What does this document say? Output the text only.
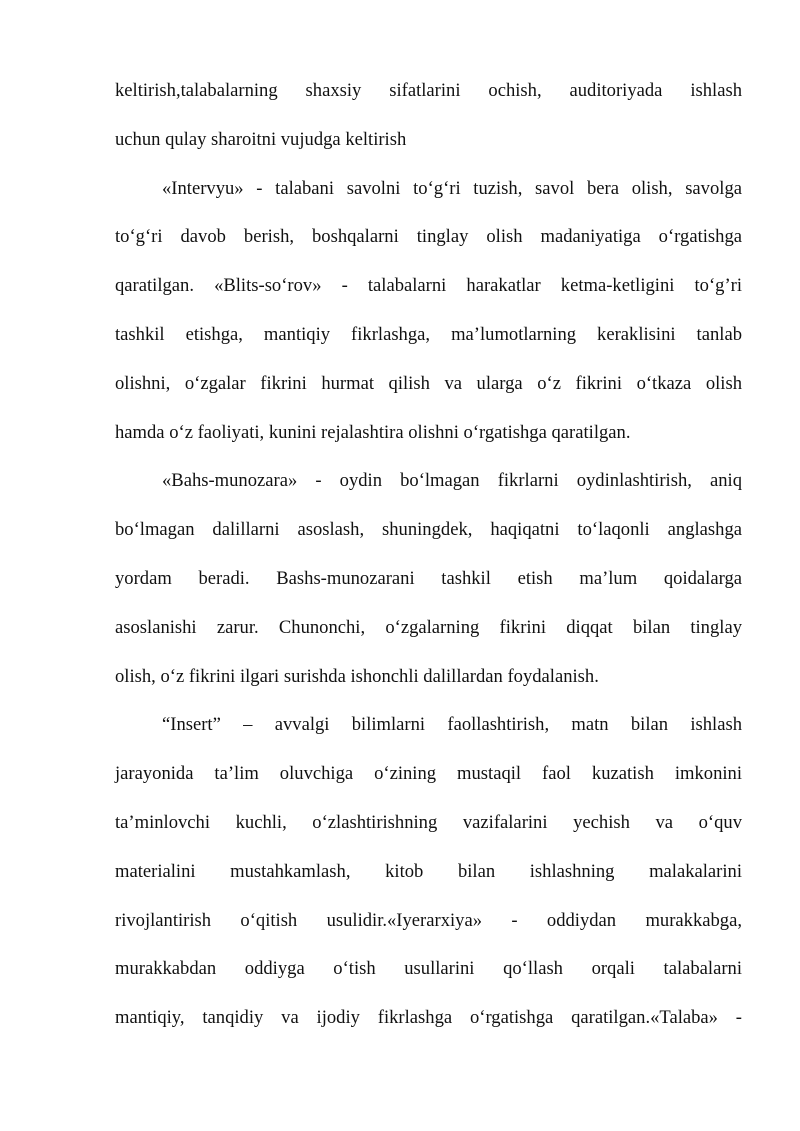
keltirish,talabalarning shaxsiy sifatlarini ochish, auditoriyada ishlash
uchun qulay sharoitni vujudga keltirish
«Intervyu» - talabani savolni to‘g‘ri tuzish, savol bera olish, savolga
to‘g‘ri davob berish, boshqalarni tinglay olish madaniyatiga o‘rgatishga
qaratilgan. «Blits-so‘rov» - talabalarni harakatlar ketma-ketligini to‘g’ri
tashkil etishga, mantiqiy fikrlashga, ma’lumotlarning keraklisini tanlab
olishni, o‘zgalar fikrini hurmat qilish va ularga o‘z fikrini o‘tkaza olish
hamda o‘z faoliyati, kunini rejalashtira olishni o‘rgatishga qaratilgan.
«Bahs-munozara» - oydin bo‘lmagan fikrlarni oydinlashtirish, aniq
bo‘lmagan dalillarni asoslash, shuningdek, haqiqatni to‘laqonli anglashga
yordam beradi. Bashs-munozarani tashkil etish ma’lum qoidalarga
asoslanishi zarur. Chunonchi, o‘zgalarning fikrini diqqat bilan tinglay
olish, o‘z fikrini ilgari surishda ishonchli dalillardan foydalanish.
“Insert” – avvalgi bilimlarni faollashtirish, matn bilan ishlash
jarayonida ta’lim oluvchiga o‘zining mustaqil faol kuzatish imkonini
ta’minlovchi kuchli, o‘zlashtirishning vazifalarini yechish va o‘quv
materialini mustahkamlash, kitob bilan ishlashning malakalarini
rivojlantirish o‘qitish usulidir.«Iyerarxiya» - oddiydan murakkabga,
murakkabdan oddiyga o‘tish usullarini qo‘llash orqali talabalarni
mantiqiy, tanqidiy va ijodiy fikrlashga o‘rgatishga qaratilgan.«Talaba» -
